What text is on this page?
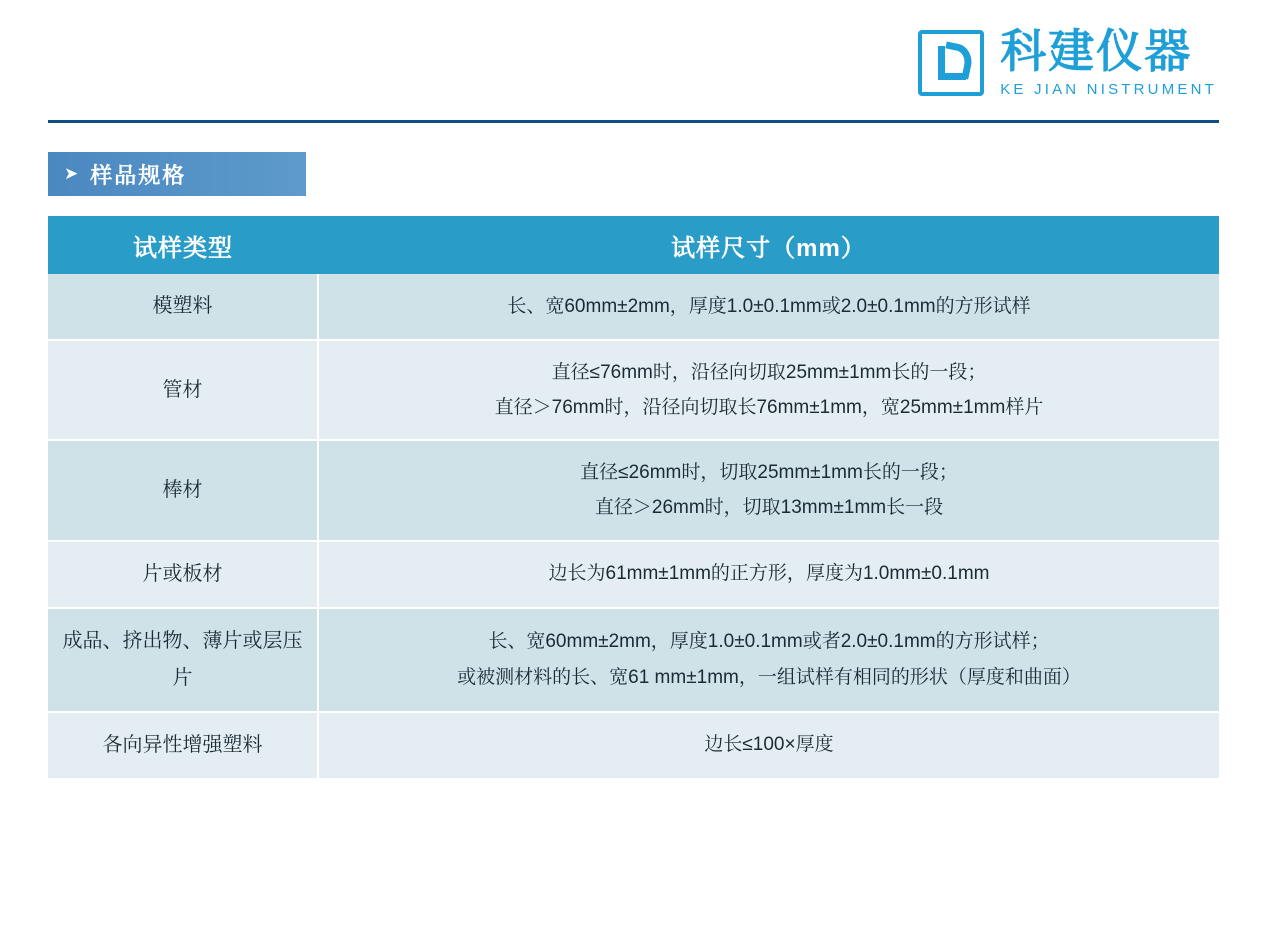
科建仪器
KE JIAN NISTRUMENT
➤ 样品规格
试样类型	试样尺寸（mm）
模塑料	长、宽60mm±2mm，厚度1.0±0.1mm或2.0±0.1mm的方形试样

管材	直径≤76mm时，沿径向切取25mm±1mm长的一段；
直径＞76mm时，沿径向切取长76mm±1mm，宽25mm±1mm样片

棒材	直径≤26mm时，切取25mm±1mm长的一段；
直径＞26mm时，切取13mm±1mm长一段

片或板材	边长为61mm±1mm的正方形，厚度为1.0mm±0.1mm

成品、挤出物、薄片或层压片	长、宽60mm±2mm，厚度1.0±0.1mm或者2.0±0.1mm的方形试样；
或被测材料的长、宽61 mm±1mm，一组试样有相同的形状（厚度和曲面）

各向异性增强塑料	边长≤100×厚度
